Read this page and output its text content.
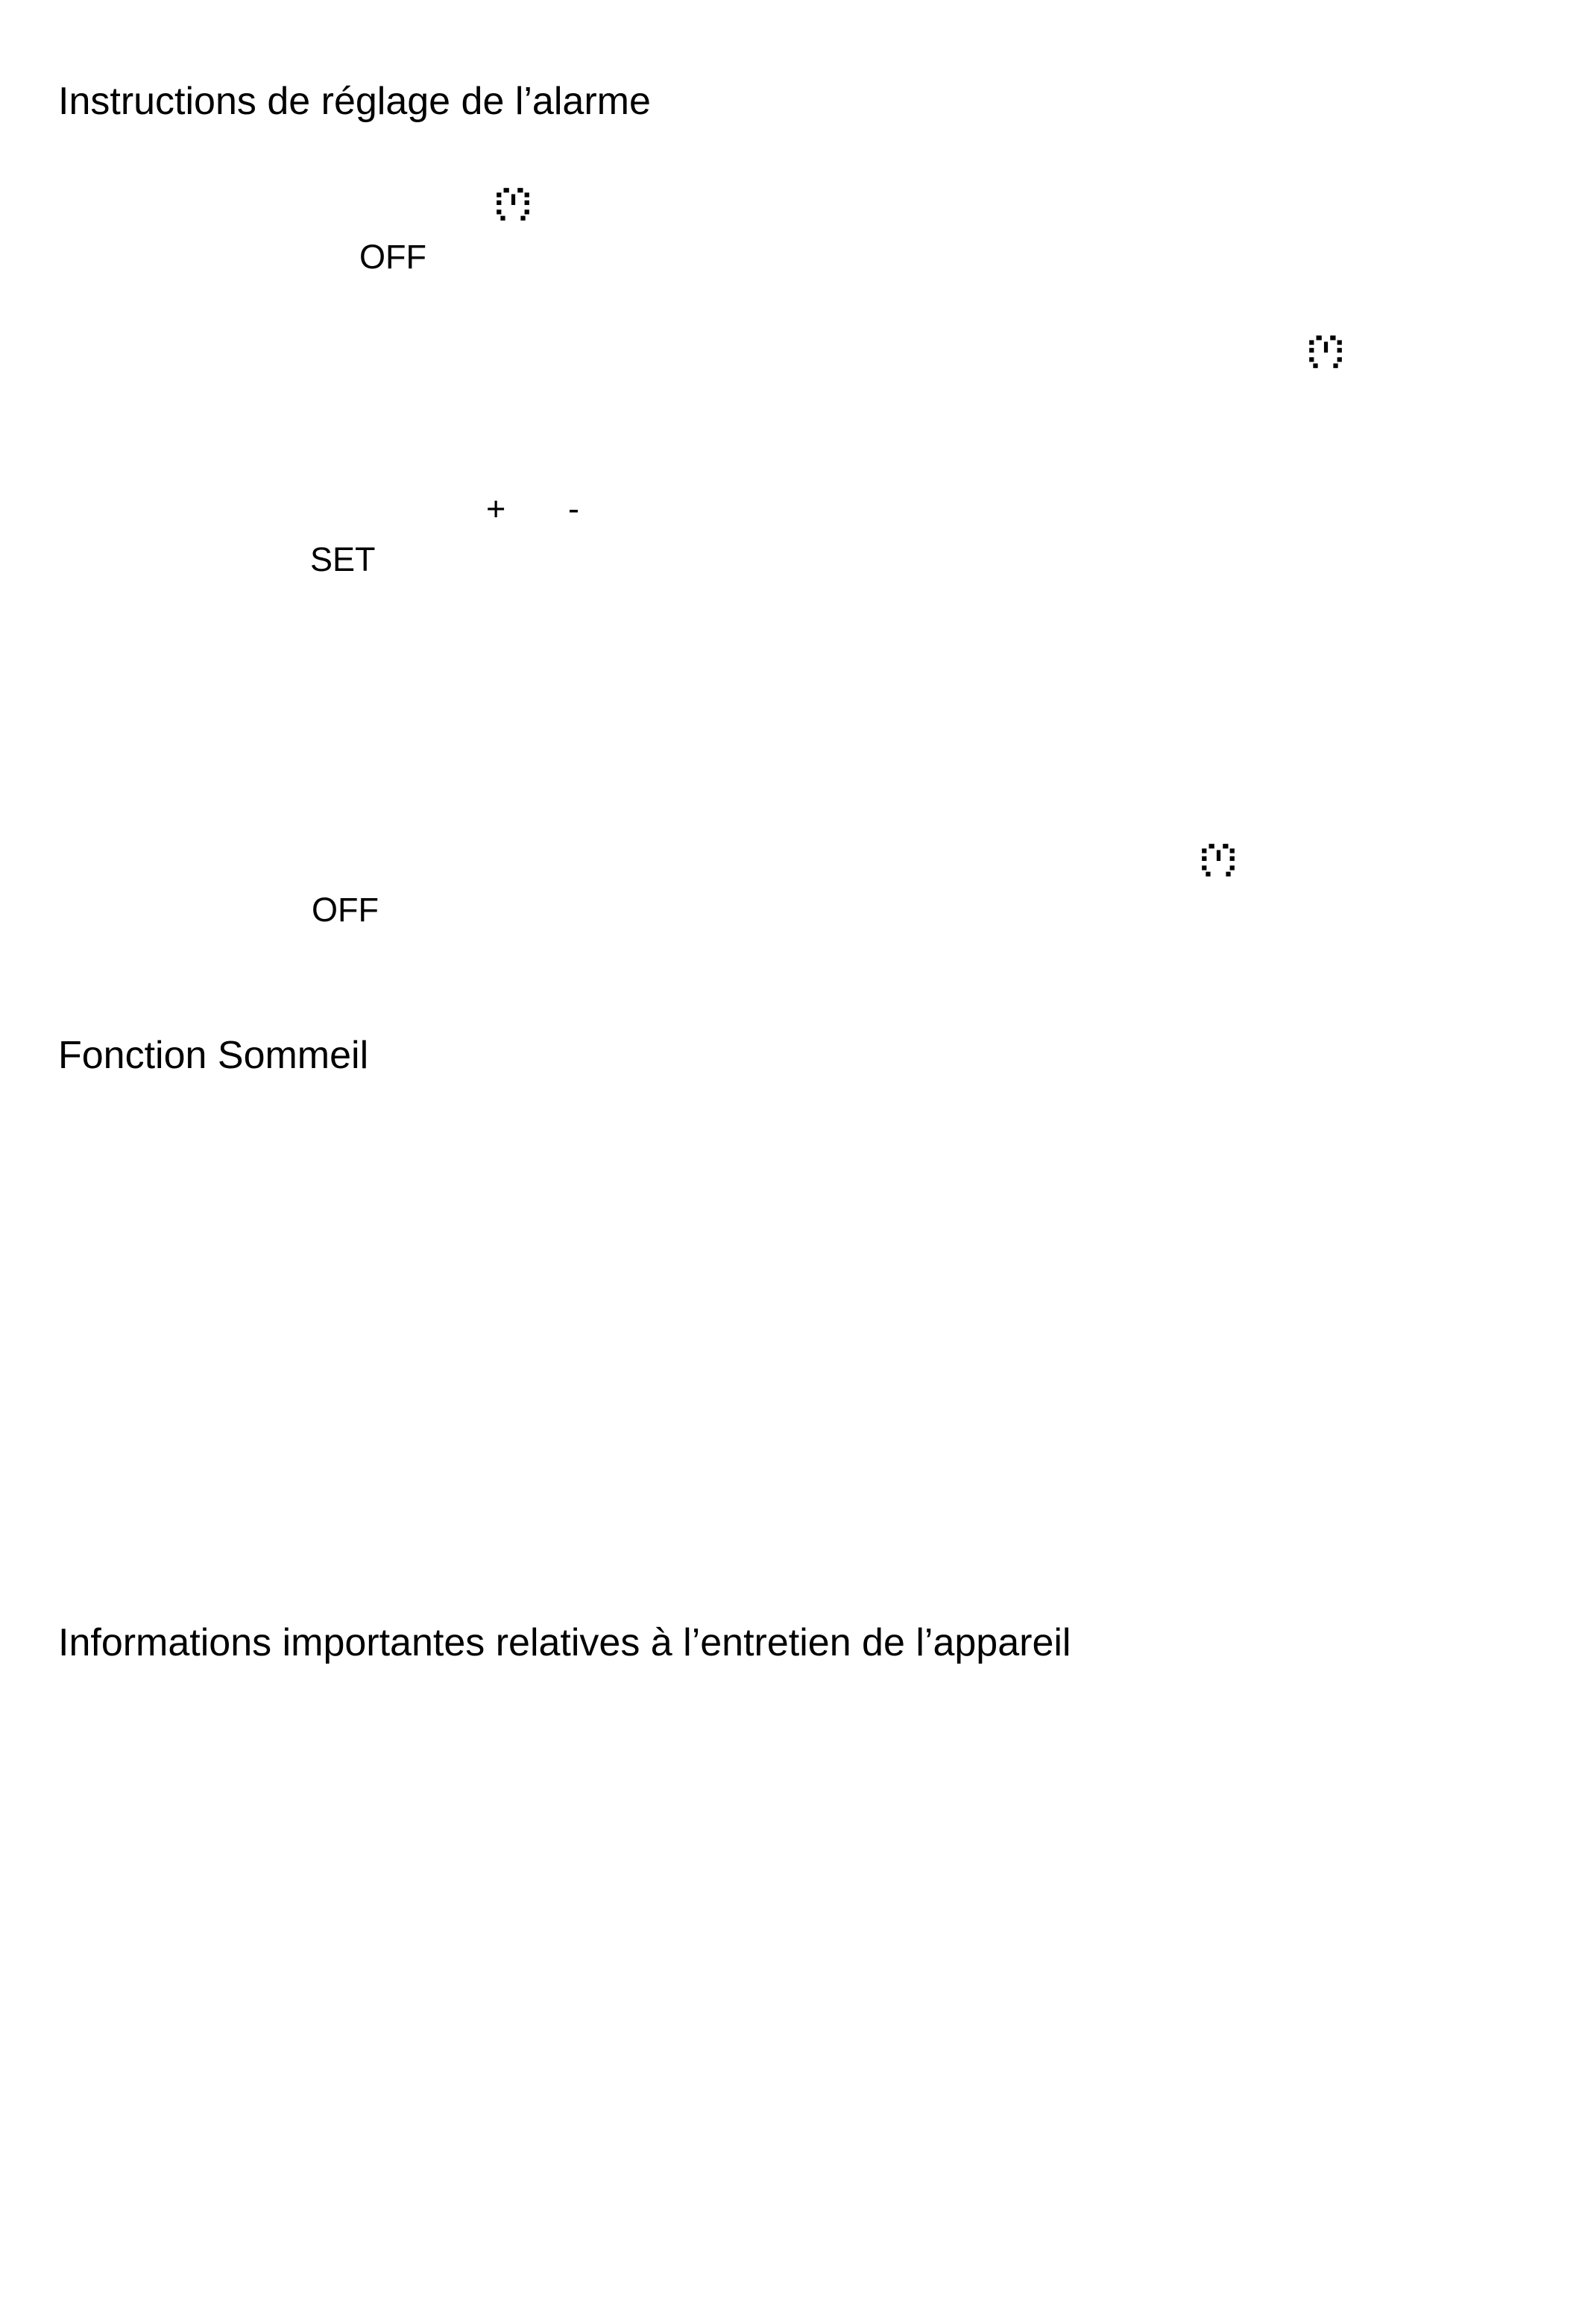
Instructions de réglage de l’alarme
OFF
+ -
SET
OFF
Fonction Sommeil
Informations importantes relatives à l’entretien de l’appareil
